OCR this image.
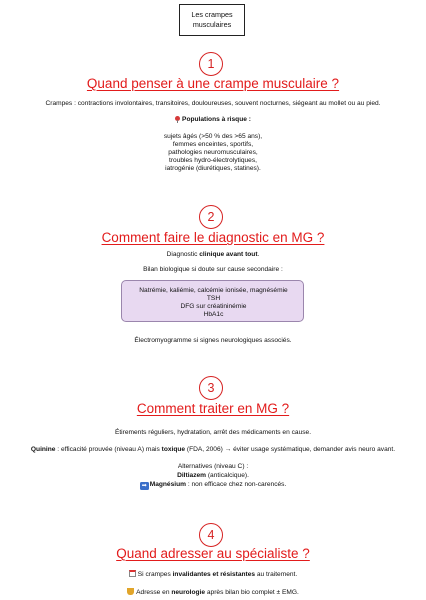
Les crampes
musculaires
1
Quand penser à une crampe musculaire ?
Crampes : contractions involontaires, transitoires, douloureuses, souvent nocturnes, siégeant au mollet ou au pied.
Populations à risque :
sujets âgés (>50 % des >65 ans),
femmes enceintes, sportifs,
pathologies neuromusculaires,
troubles hydro-électrolytiques,
iatrogénie (diurétiques, statines).
2
Comment faire le diagnostic en MG ?
Diagnostic clinique avant tout.
Bilan biologique si doute sur cause secondaire :
Natrémie, kaliémie, calcémie ionisée, magnésémie
TSH
DFG sur créatininémie
HbA1c
Électromyogramme si signes neurologiques associés.
3
Comment traiter en MG ?
Étirements réguliers, hydratation, arrêt des médicaments en cause.
Quinine : efficacité prouvée (niveau A) mais toxique (FDA, 2006) → éviter usage systématique, demander avis neuro avant.
Alternatives (niveau C) :
Diltiazem (anticalcique).
➡ Magnésium : non efficace chez non-carencés.
4
Quand adresser au spécialiste ?
Si crampes invalidantes et résistantes au traitement.
Adresse en neurologie après bilan bio complet ± EMG.
